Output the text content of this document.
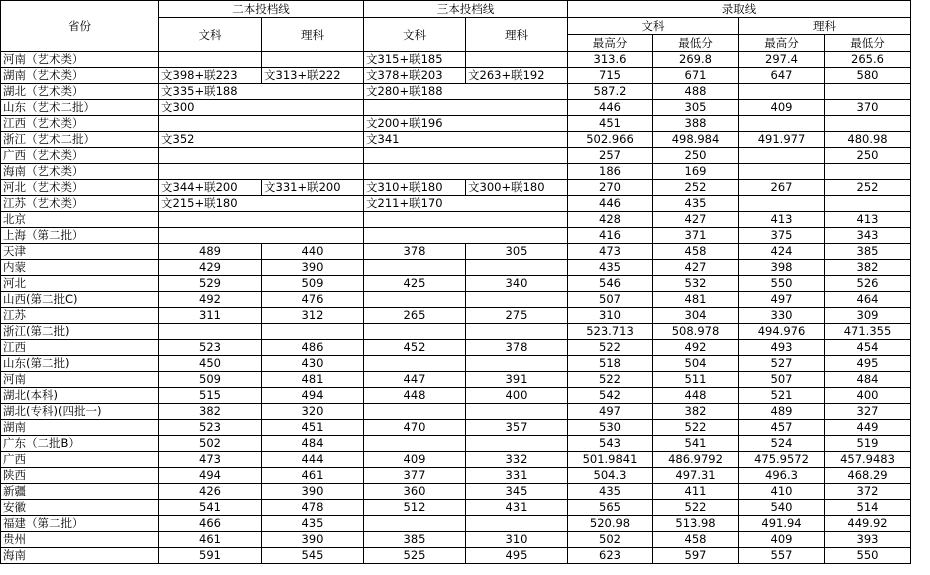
省份	二本投档线		三本投档线		录取线			
	文科	理科	文科	理科	文科		理科	
					最高分	最低分	最高分	最低分
河南（艺术类）			文315+联185		313.6	269.8	297.4	265.6
湖南（艺术类）	文398+联223	文313+联222	文378+联203	文263+联192	715	671	647	580
湖北（艺术类）	文335+联188		文280+联188		587.2	488		
山东（艺术二批）	文300				446	305	409	370
江西（艺术类）			文200+联196		451	388		
浙江（艺术二批）	文352		文341		502.966	498.984	491.977	480.98
广西（艺术类）					257	250		250
海南（艺术类）					186	169		
河北（艺术类）	文344+联200	文331+联200	文310+联180	文300+联180	270	252	267	252
江苏（艺术类）	文215+联180		文211+联170		446	435		
北京					428	427	413	413
上海（第二批）					416	371	375	343
天津	489	440	378	305	473	458	424	385
内蒙	429	390			435	427	398	382
河北	529	509	425	340	546	532	550	526
山西(第二批C)	492	476			507	481	497	464
江苏	311	312	265	275	310	304	330	309
浙江(第二批)					523.713	508.978	494.976	471.355
江西	523	486	452	378	522	492	493	454
山东(第二批)	450	430			518	504	527	495
河南	509	481	447	391	522	511	507	484
湖北(本科)	515	494	448	400	542	448	521	400
湖北(专科)(四批一)	382	320			497	382	489	327
湖南	523	451	470	357	530	522	457	449
广东（二批B）	502	484			543	541	524	519
广西	473	444	409	332	501.9841	486.9792	475.9572	457.9483
陕西	494	461	377	331	504.3	497.31	496.3	468.29
新疆	426	390	360	345	435	411	410	372
安徽	541	478	512	431	565	522	540	514
福建（第二批）	466	435			520.98	513.98	491.94	449.92
贵州	461	390	385	310	502	458	409	393
海南	591	545	525	495	623	597	557	550
